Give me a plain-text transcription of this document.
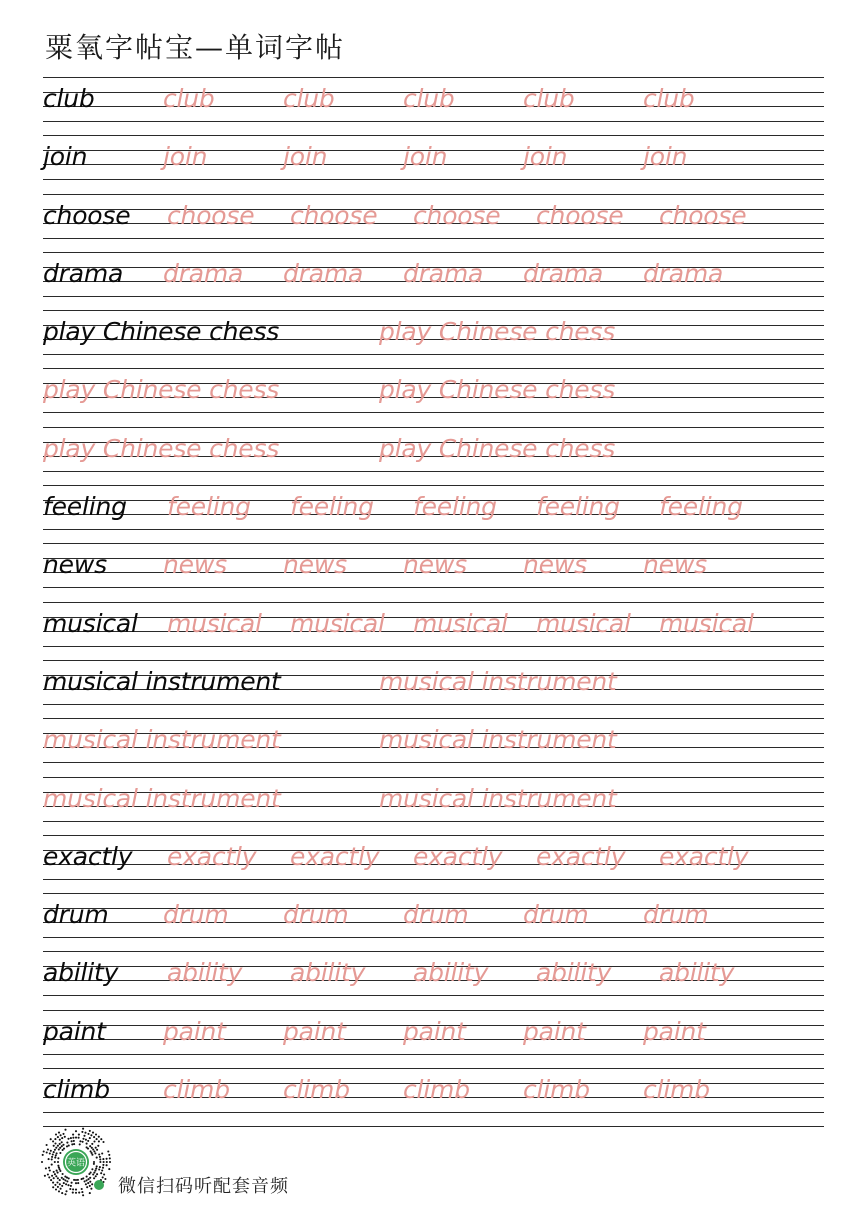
粟氧字帖宝—单词字帖
club	club	club	club	club	club
join	join	join	join	join	join
choose choose choose choose choose choose
drama drama drama drama drama drama
play Chinese chess	play Chinese chess
play Chinese chess	play Chinese chess
play Chinese chess	play Chinese chess
feeling feeling feeling feeling feeling feeling
news news news news news news
musical musical musical musical musical musical
musical instrument	musical instrument
musical instrument	musical instrument
musical instrument	musical instrument
exactly exactly exactly exactly exactly exactly
drum drum drum drum drum drum
ability ability ability ability ability ability
paint paint paint paint paint paint
climb climb climb climb climb climb
英语
微信扫码听配套音频
